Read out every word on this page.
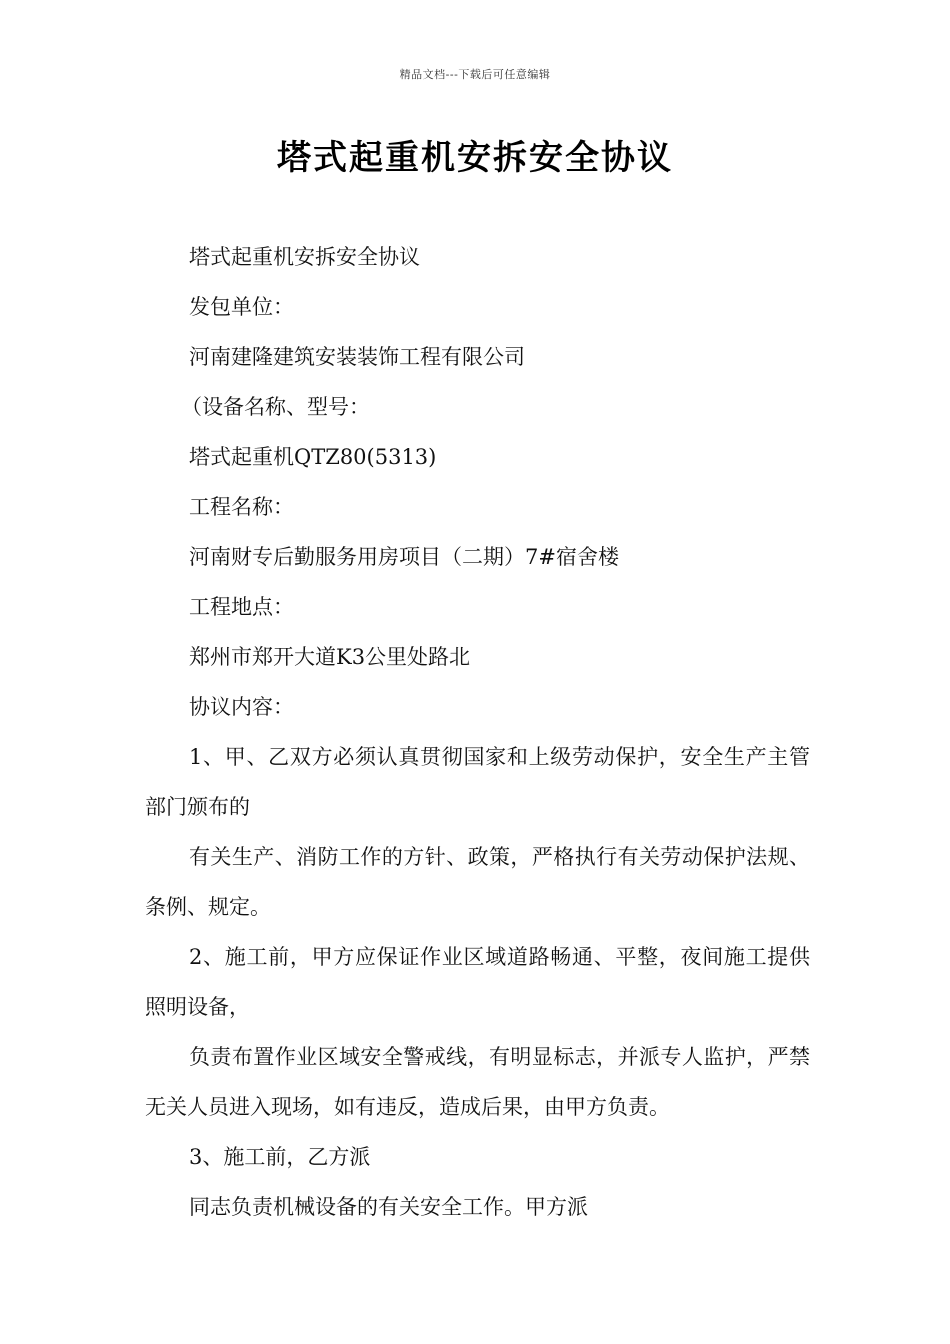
精品文档---下载后可任意编辑
塔式起重机安拆安全协议

塔式起重机安拆安全协议

发包单位：

河南建隆建筑安装装饰工程有限公司

（设备名称、型号：

塔式起重机QTZ80(5313)

工程名称：

河南财专后勤服务用房项目（二期）7#宿舍楼

工程地点：

郑州市郑开大道K3公里处路北

协议内容：

1、甲、乙双方必须认真贯彻国家和上级劳动保护，安全生产主管部门颁布的

有关生产、消防工作的方针、政策，严格执行有关劳动保护法规、条例、规定。

2、施工前，甲方应保证作业区域道路畅通、平整，夜间施工提供照明设备，

负责布置作业区域安全警戒线，有明显标志，并派专人监护，严禁无关人员进入现场，如有违反，造成后果，由甲方负责。

3、施工前，乙方派

同志负责机械设备的有关安全工作。甲方派
